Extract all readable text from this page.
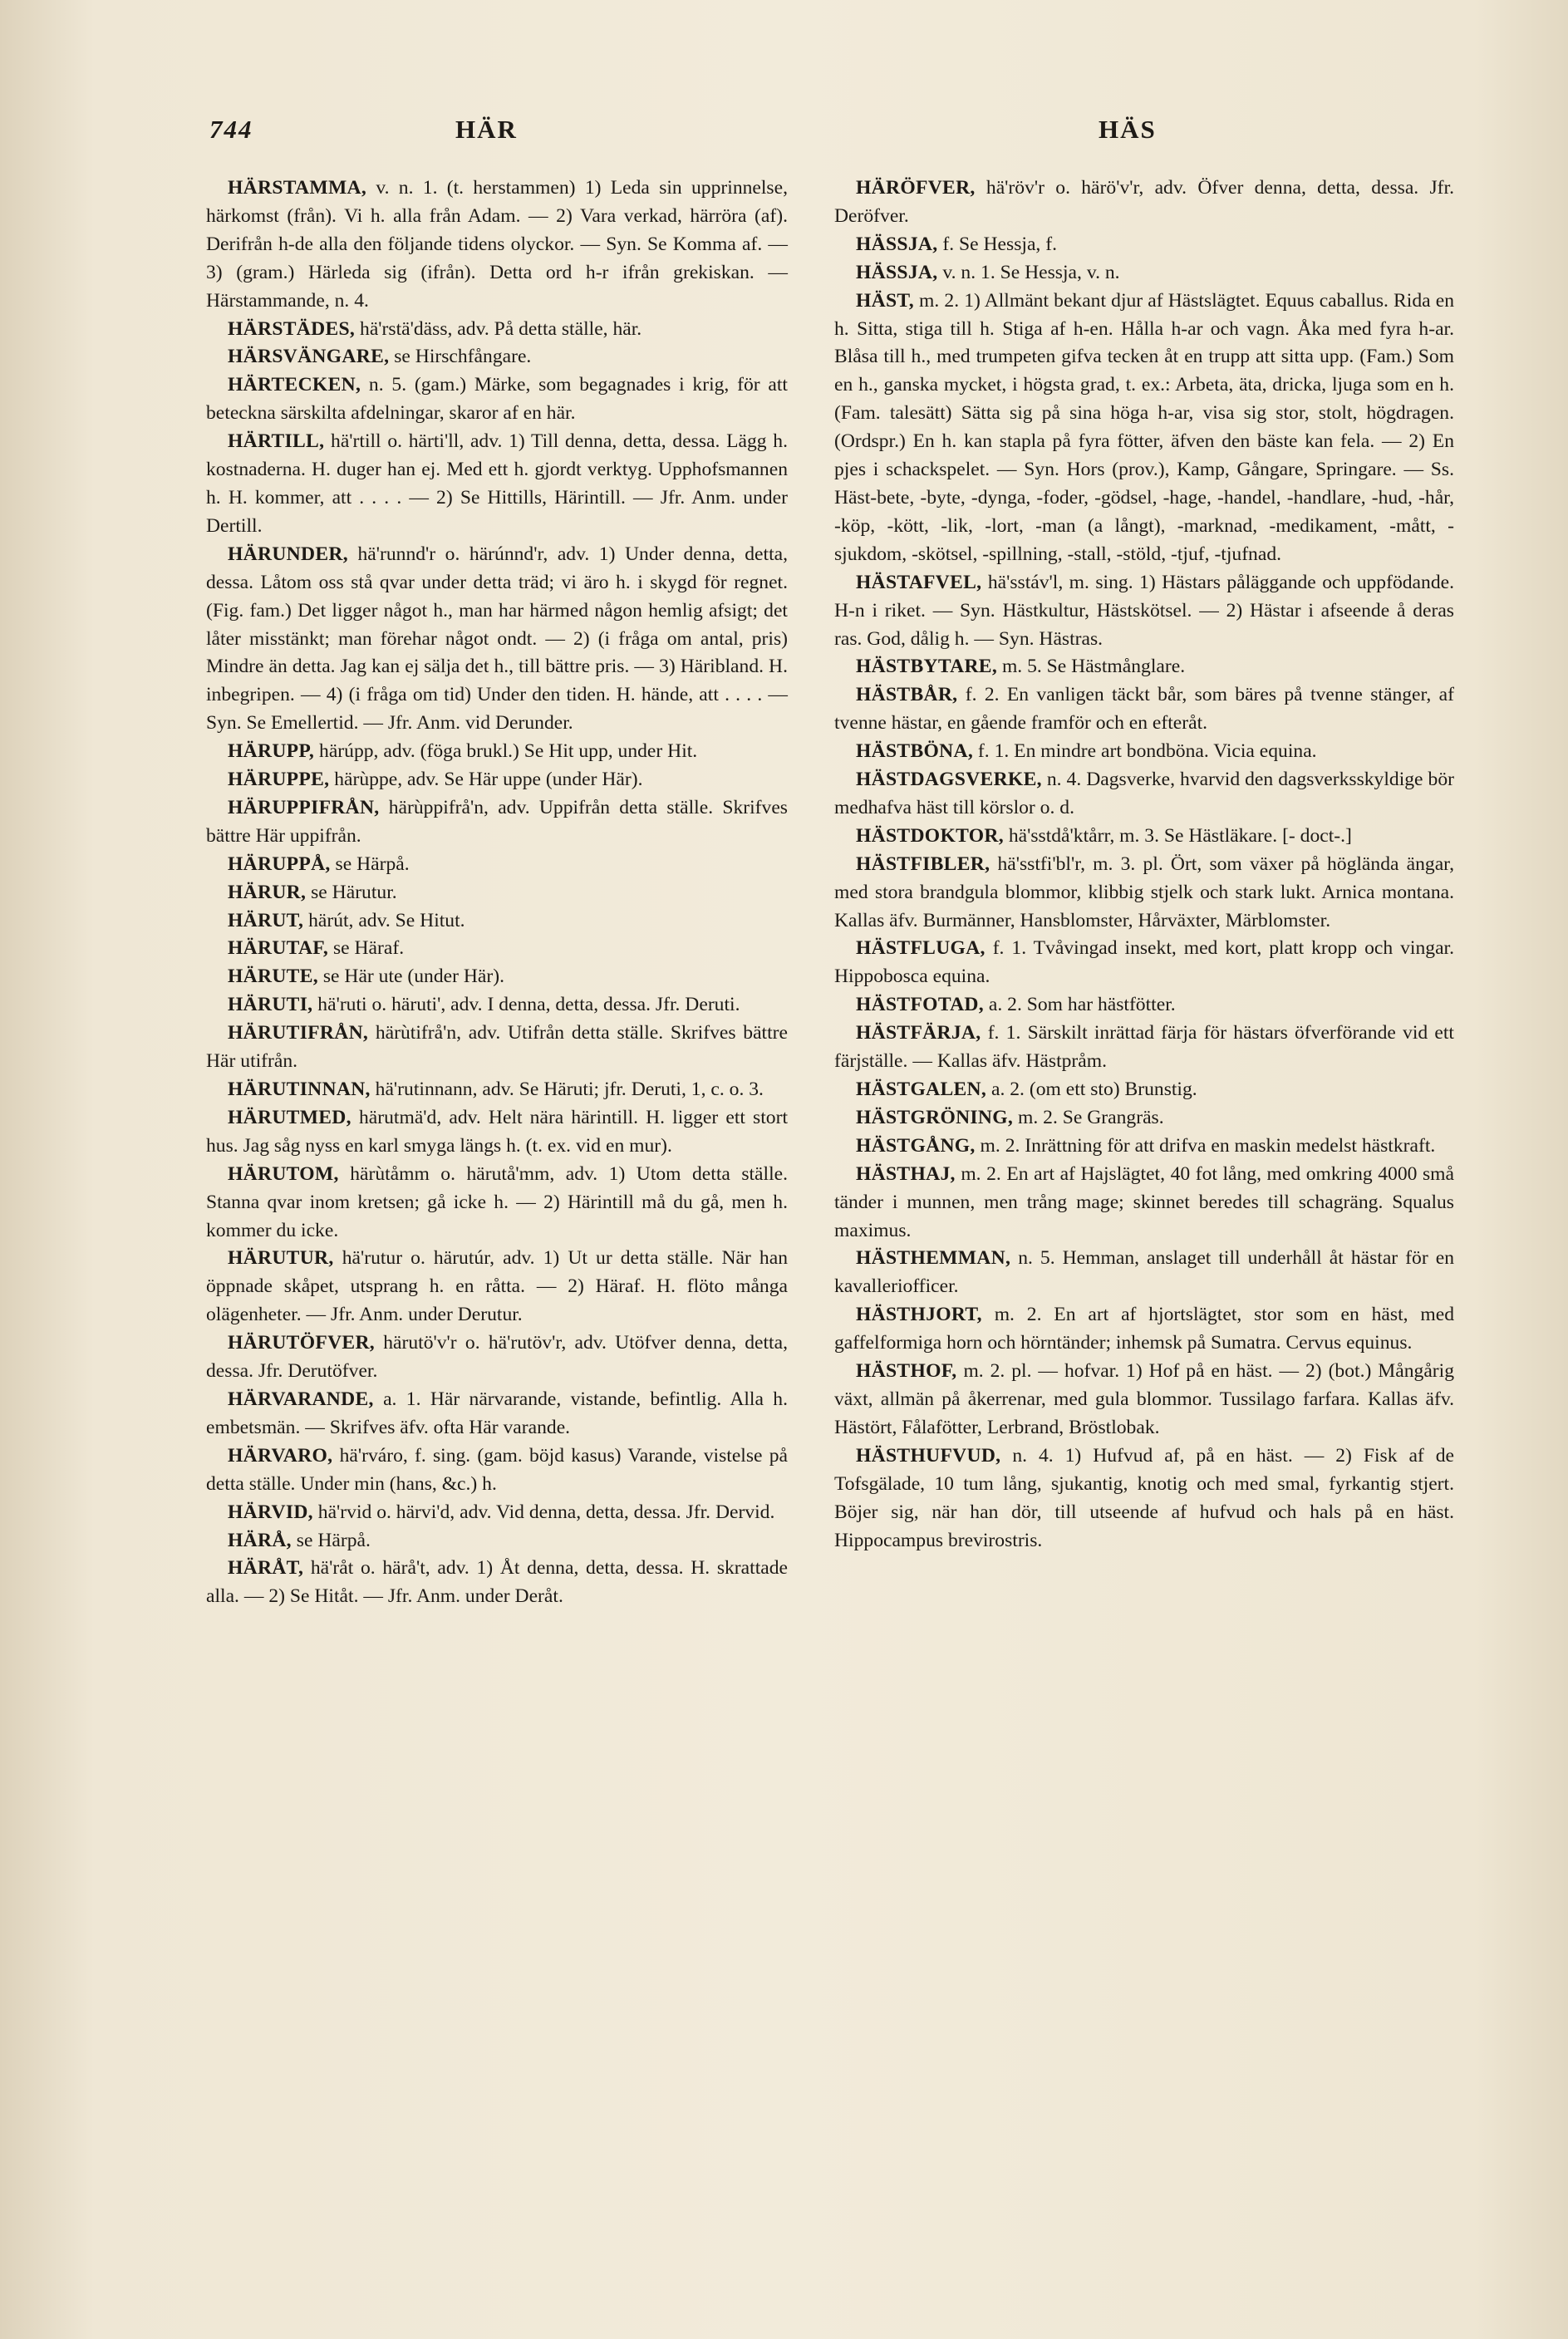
744	HÄR	HÄS

HÄRSTAMMA, v. n. 1. (t. herstammen) 1) Leda sin upprinnelse, härkomst (från). Vi h. alla från Adam. — 2) Vara verkad, härröra (af). Derifrån h-de alla den följande tidens olyckor. — Syn. Se Komma af. — 3) (gram.) Härleda sig (ifrån). Detta ord h-r ifrån grekiskan. — Härstammande, n. 4.

HÄRSTÄDES, hä'rstä'däss, adv. På detta ställe, här.

HÄRSVÄNGARE, se Hirschfångare.

HÄRTECKEN, n. 5. (gam.) Märke, som begagnades i krig, för att beteckna särskilta afdelningar, skaror af en här.

HÄRTILL, hä'rtill o. härti'll, adv. 1) Till denna, detta, dessa. Lägg h. kostnaderna. H. duger han ej. Med ett h. gjordt verktyg. Upphofsmannen h. H. kommer, att . . . . — 2) Se Hittills, Härintill. — Jfr. Anm. under Dertill.

HÄRUNDER, hä'runnd'r o. härúnnd'r, adv. 1) Under denna, detta, dessa. Låtom oss stå qvar under detta träd; vi äro h. i skygd för regnet. (Fig. fam.) Det ligger något h., man har härmed någon hemlig afsigt; det låter misstänkt; man förehar något ondt. — 2) (i fråga om antal, pris) Mindre än detta. Jag kan ej sälja det h., till bättre pris. — 3) Häribland. H. inbegripen. — 4) (i fråga om tid) Under den tiden. H. hände, att . . . . — Syn. Se Emellertid. — Jfr. Anm. vid Derunder.

HÄRUPP, härúpp, adv. (föga brukl.) Se Hit upp, under Hit.

HÄRUPPE, härùppe, adv. Se Här uppe (under Här).

HÄRUPPIFRÅN, härùppifrå'n, adv. Uppifrån detta ställe. Skrifves bättre Här uppifrån.

HÄRUPPÅ, se Härpå.

HÄRUR, se Härutur.

HÄRUT, härút, adv. Se Hitut.

HÄRUTAF, se Häraf.

HÄRUTE, se Här ute (under Här).

HÄRUTI, hä'ruti o. häruti', adv. I denna, detta, dessa. Jfr. Deruti.

HÄRUTIFRÅN, härùtifrå'n, adv. Utifrån detta ställe. Skrifves bättre Här utifrån.

HÄRUTINNAN, hä'rutinnann, adv. Se Häruti; jfr. Deruti, 1, c. o. 3.

HÄRUTMED, härutmä'd, adv. Helt nära härintill. H. ligger ett stort hus. Jag såg nyss en karl smyga längs h. (t. ex. vid en mur).

HÄRUTOM, härùtåmm o. härutå'mm, adv. 1) Utom detta ställe. Stanna qvar inom kretsen; gå icke h. — 2) Härintill må du gå, men h. kommer du icke.

HÄRUTUR, hä'rutur o. härutúr, adv. 1) Ut ur detta ställe. När han öppnade skåpet, utsprang h. en råtta. — 2) Häraf. H. flöto många olägenheter. — Jfr. Anm. under Derutur.

HÄRUTÖFVER, härutö'v'r o. hä'rutöv'r, adv. Utöfver denna, detta, dessa. Jfr. Derutöfver.

HÄRVARANDE, a. 1. Här närvarande, vistande, befintlig. Alla h. embetsmän. — Skrifves äfv. ofta Här varande.

HÄRVARO, hä'rváro, f. sing. (gam. böjd kasus) Varande, vistelse på detta ställe. Under min (hans, &c.) h.

HÄRVID, hä'rvid o. härvi'd, adv. Vid denna, detta, dessa. Jfr. Dervid.

HÄRÅ, se Härpå.

HÄRÅT, hä'råt o. härå't, adv. 1) Åt denna, detta, dessa. H. skrattade alla. — 2) Se Hitåt. — Jfr. Anm. under Deråt.

HÄRÖFVER, hä'röv'r o. härö'v'r, adv. Öfver denna, detta, dessa. Jfr. Deröfver.

HÄSSJA, f. Se Hessja, f.

HÄSSJA, v. n. 1. Se Hessja, v. n.

HÄST, m. 2. 1) Allmänt bekant djur af Hästslägtet. Equus caballus. Rida en h. Sitta, stiga till h. Stiga af h-en. Hålla h-ar och vagn. Åka med fyra h-ar. Blåsa till h., med trumpeten gifva tecken åt en trupp att sitta upp. (Fam.) Som en h., ganska mycket, i högsta grad, t. ex.: Arbeta, äta, dricka, ljuga som en h. (Fam. talesätt) Sätta sig på sina höga h-ar, visa sig stor, stolt, högdragen. (Ordspr.) En h. kan stapla på fyra fötter, äfven den bäste kan fela. — 2) En pjes i schackspelet. — Syn. Hors (prov.), Kamp, Gångare, Springare. — Ss. Häst-bete, -byte, -dynga, -foder, -gödsel, -hage, -handel, -handlare, -hud, -hår, -köp, -kött, -lik, -lort, -man (a långt), -marknad, -medikament, -mått, -sjukdom, -skötsel, -spillning, -stall, -stöld, -tjuf, -tjufnad.

HÄSTAFVEL, hä'sstáv'l, m. sing. 1) Hästars påläggande och uppfödande. H-n i riket. — Syn. Hästkultur, Hästskötsel. — 2) Hästar i afseende å deras ras. God, dålig h. — Syn. Hästras.

HÄSTBYTARE, m. 5. Se Hästmånglare.

HÄSTBÅR, f. 2. En vanligen täckt bår, som bäres på tvenne stänger, af tvenne hästar, en gående framför och en efteråt.

HÄSTBÖNA, f. 1. En mindre art bondböna. Vicia equina.

HÄSTDAGSVERKE, n. 4. Dagsverke, hvarvid den dagsverksskyldige bör medhafva häst till körslor o. d.

HÄSTDOKTOR, hä'sstdå'ktårr, m. 3. Se Hästläkare. [- doct-.]

HÄSTFIBLER, hä'sstfi'bl'r, m. 3. pl. Ört, som växer på höglända ängar, med stora brandgula blommor, klibbig stjelk och stark lukt. Arnica montana. Kallas äfv. Burmänner, Hansblomster, Hårväxter, Märblomster.

HÄSTFLUGA, f. 1. Tvåvingad insekt, med kort, platt kropp och vingar. Hippobosca equina.

HÄSTFOTAD, a. 2. Som har hästfötter.

HÄSTFÄRJA, f. 1. Särskilt inrättad färja för hästars öfverförande vid ett färjställe. — Kallas äfv. Hästpråm.

HÄSTGALEN, a. 2. (om ett sto) Brunstig.

HÄSTGRÖNING, m. 2. Se Grangräs.

HÄSTGÅNG, m. 2. Inrättning för att drifva en maskin medelst hästkraft.

HÄSTHAJ, m. 2. En art af Hajslägtet, 40 fot lång, med omkring 4000 små tänder i munnen, men trång mage; skinnet beredes till schagräng. Squalus maximus.

HÄSTHEMMAN, n. 5. Hemman, anslaget till underhåll åt hästar för en kavalleriofficer.

HÄSTHJORT, m. 2. En art af hjortslägtet, stor som en häst, med gaffelformiga horn och hörntänder; inhemsk på Sumatra. Cervus equinus.

HÄSTHOF, m. 2. pl. — hofvar. 1) Hof på en häst. — 2) (bot.) Mångårig växt, allmän på åkerrenar, med gula blommor. Tussilago farfara. Kallas äfv. Hästört, Fålafötter, Lerbrand, Bröstlobak.

HÄSTHUFVUD, n. 4. 1) Hufvud af, på en häst. — 2) Fisk af de Tofsgälade, 10 tum lång, sjukantig, knotig och med smal, fyrkantig stjert. Böjer sig, när han dör, till utseende af hufvud och hals på en häst. Hippocampus brevirostris.
